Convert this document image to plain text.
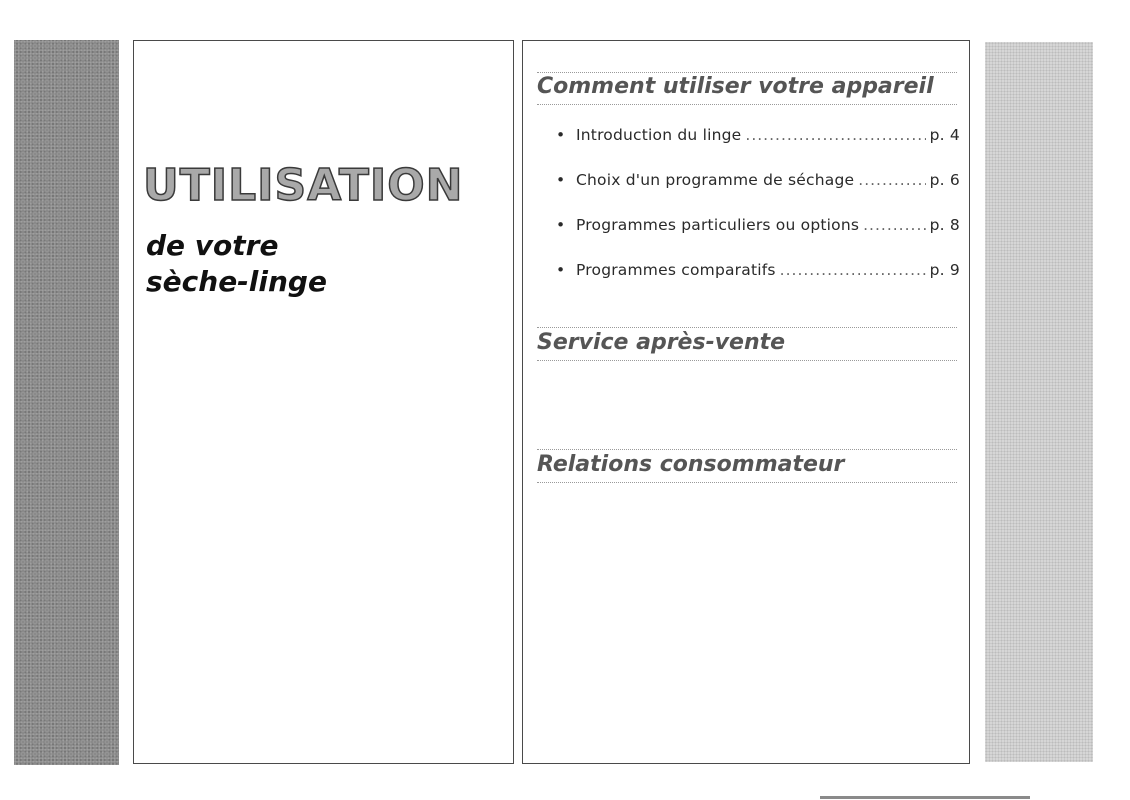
UTILISATION
de votre
sèche-linge
Comment utiliser votre appareil
• Introduction du linge .....	p. 4
• Choix d'un programme de séchage .....	p. 6
• Programmes particuliers ou options .....	p. 8
• Programmes comparatifs .....	p. 9
Service après-vente
Relations consommateur
